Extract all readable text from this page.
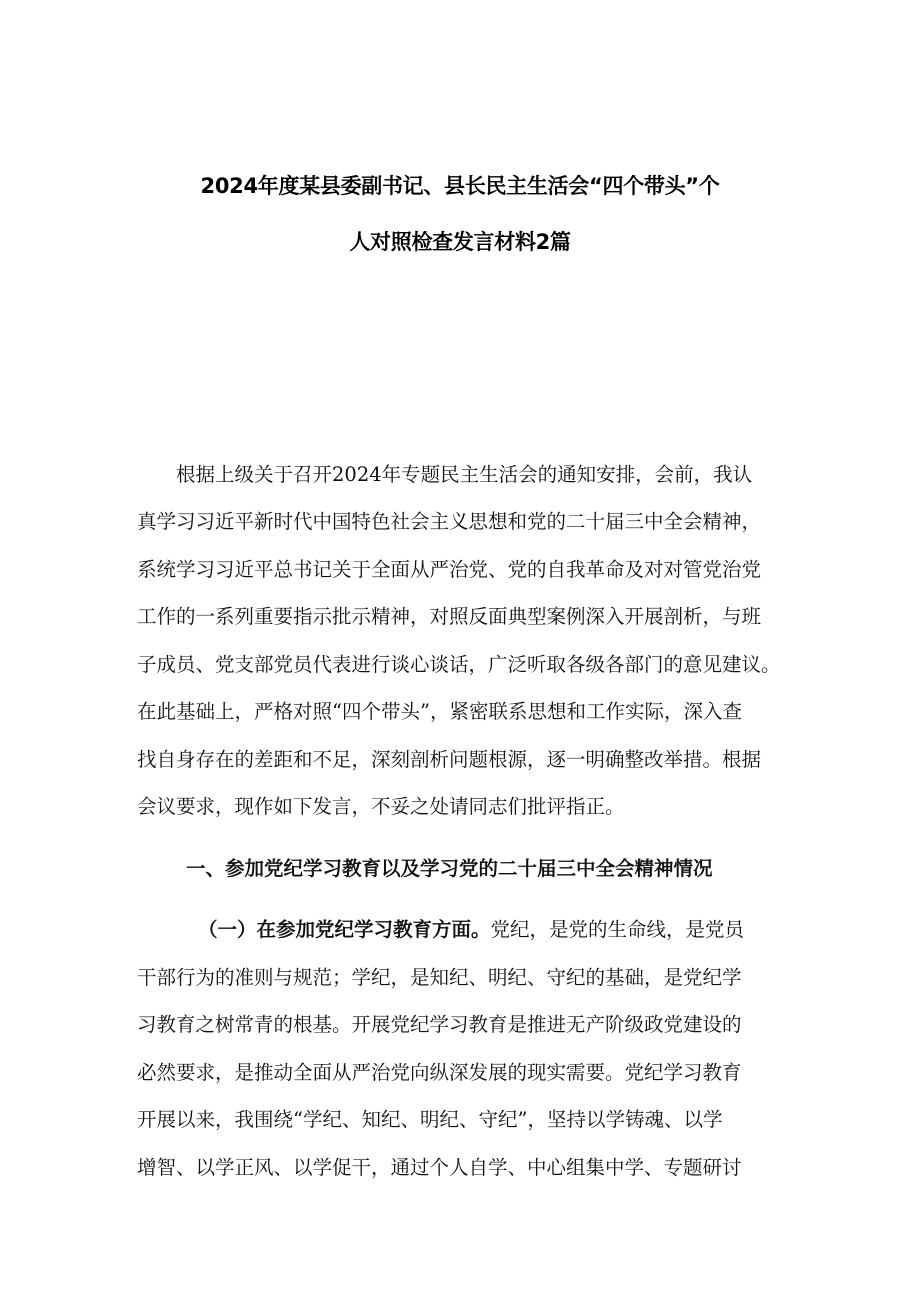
2024年度某县委副书记、县长民主生活会“四个带头”个
人对照检查发言材料2篇
　　根据上级关于召开2024年专题民主生活会的通知安排，会前，我认
真学习习近平新时代中国特色社会主义思想和党的二十届三中全会精神，
系统学习习近平总书记关于全面从严治党、党的自我革命及对对管党治党
工作的一系列重要指示批示精神，对照反面典型案例深入开展剖析，与班
子成员、党支部党员代表进行谈心谈话，广泛听取各级各部门的意见建议。
在此基础上，严格对照“四个带头”，紧密联系思想和工作实际，深入查
找自身存在的差距和不足，深刻剖析问题根源，逐一明确整改举措。根据
会议要求，现作如下发言，不妥之处请同志们批评指正。
一、参加党纪学习教育以及学习党的二十届三中全会精神情况
（一）在参加党纪学习教育方面。党纪，是党的生命线，是党员
干部行为的准则与规范；学纪，是知纪、明纪、守纪的基础，是党纪学
习教育之树常青的根基。开展党纪学习教育是推进无产阶级政党建设的
必然要求，是推动全面从严治党向纵深发展的现实需要。党纪学习教育
开展以来，我围绕“学纪、知纪、明纪、守纪”，坚持以学铸魂、以学
增智、以学正风、以学促干，通过个人自学、中心组集中学、专题研讨
